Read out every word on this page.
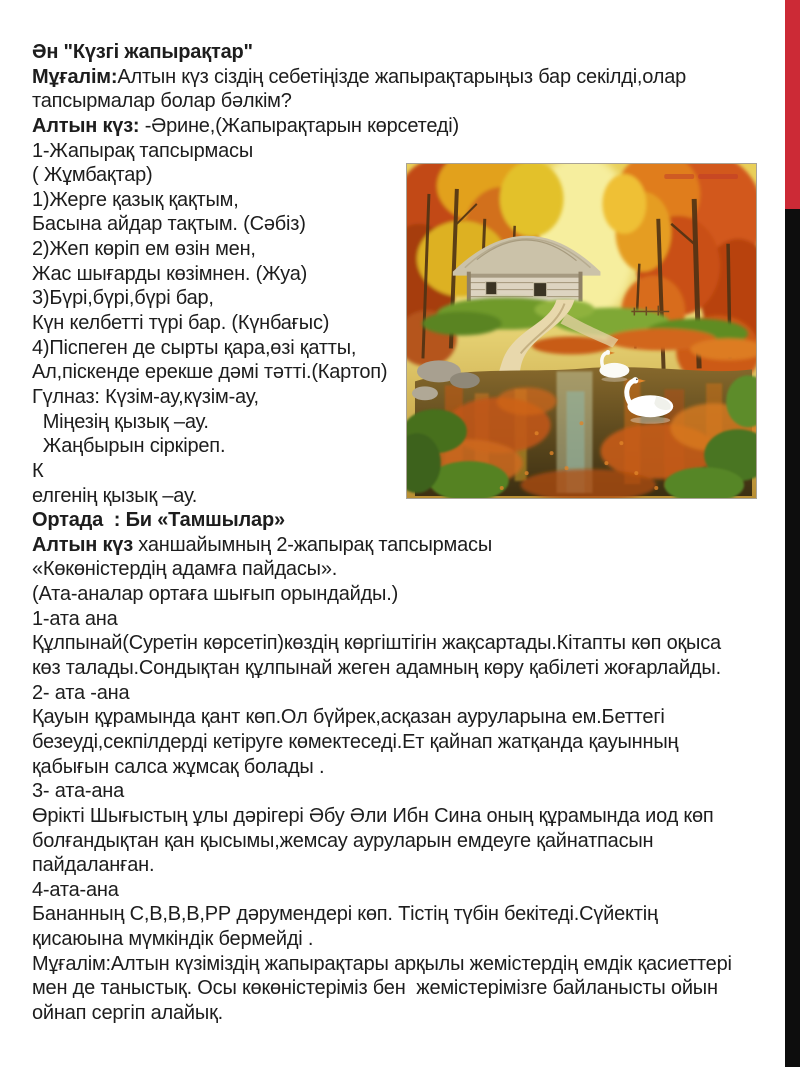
Ән "Күзгі жапырақтар"
Мұғалім:Алтын күз сіздің себетіңізде жапырақтарыңыз бар секілді,олар
тапсырмалар болар бәлкім?
Алтын күз: -Әрине,(Жапырақтарын көрсетеді)
1-Жапырақ тапсырмасы
( Жұмбақтар)
1)Жерге қазық қақтым,
Басына айдар тақтым. (Сәбіз)
2)Жеп көріп ем өзін мен,
Жас шығарды көзімнен. (Жуа)
3)Бүрі,бүрі,бүрі бар,
Күн келбетті түрі бар. (Күнбағыс)
4)Піспеген де сырты қара,өзі қатты,
Ал,піскенде ерекше дәмі тәтті.(Картоп)
Гүлназ: Күзім-ау,күзім-ау,
Міңезің қызық –ау.
Жаңбырын сіркіреп.
К
елгенің қызық –ау.
Ортада  : Би «Тамшылар»
Алтын күз ханшайымның 2-жапырақ тапсырмасы
«Көкөністердің адамға пайдасы».
(Ата-аналар ортаға шығып орындайды.)
1-ата ана
Құлпынай(Суретін көрсетіп)көздің көргіштігін жақсартады.Кітапты көп оқыса
көз талады.Сондықтан құлпынай жеген адамның көру қабілеті жоғарлайды.
2- ата -ана
Қауын құрамында қант көп.Ол бүйрек,асқазан ауруларына ем.Беттегі
безеуді,секпілдерді кетіруге көмектеседі.Ет қайнап жатқанда қауынның
қабығын салса жұмсақ болады .
3- ата-ана
Өрікті Шығыстың ұлы дәрігері Әбу Әли Ибн Сина оның құрамында иод көп
болғандықтан қан қысымы,жемсау ауруларын емдеуге қайнатпасын
пайдаланған.
4-ата-ана
Бананның С,В,В,В,РР дәрумендері көп. Тістің түбін бекітеді.Сүйектің
қисаюына мүмкіндік бермейді .
Мұғалім:Алтын күзіміздің жапырақтары арқылы жемістердің емдік қасиеттері
мен де таныстық. Осы көкөністеріміз бен  жемістерімізге байланысты ойын
ойнап сергіп алайық.
